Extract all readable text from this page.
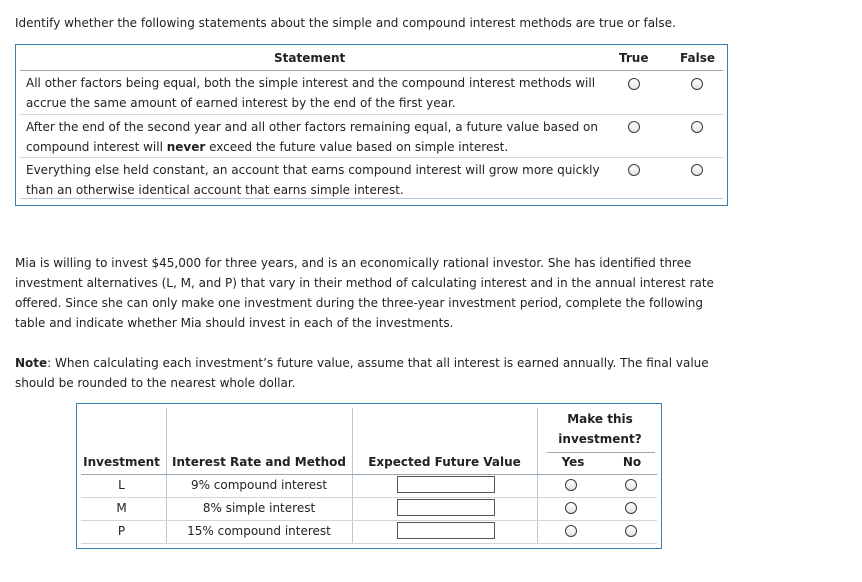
Identify whether the following statements about the simple and compound interest methods are true or false.
Statement	True	False
All other factors being equal, both the simple interest and the compound interest methods will accrue the same amount of earned interest by the end of the first year.
After the end of the second year and all other factors remaining equal, a future value based on compound interest will never exceed the future value based on simple interest.
Everything else held constant, an account that earns compound interest will grow more quickly than an otherwise identical account that earns simple interest.
Mia is willing to invest $45,000 for three years, and is an economically rational investor. She has identified three investment alternatives (L, M, and P) that vary in their method of calculating interest and in the annual interest rate offered. Since she can only make one investment during the three-year investment period, complete the following table and indicate whether Mia should invest in each of the investments.
Note: When calculating each investment’s future value, assume that all interest is earned annually. The final value should be rounded to the nearest whole dollar.
Make this
investment?
Investment	Interest Rate and Method	Expected Future Value	Yes	No
L	9% compound interest
M	8% simple interest
P	15% compound interest
